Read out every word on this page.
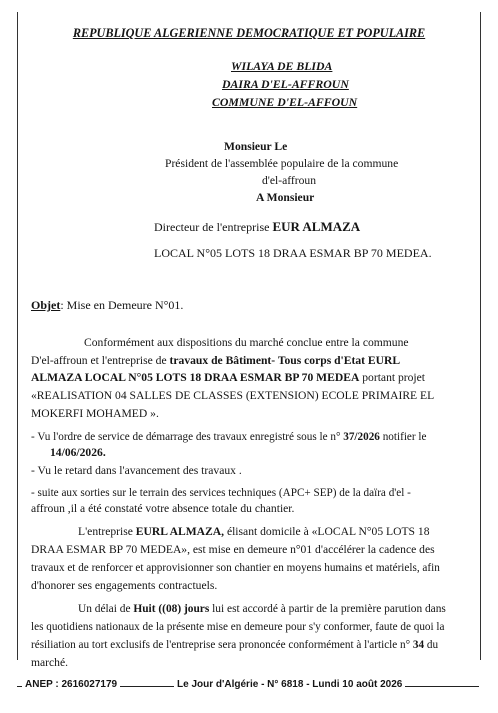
REPUBLIQUE ALGERIENNE DEMOCRATIQUE ET POPULAIRE
WILAYA DE BLIDA
DAIRA D'EL-AFFROUN
COMMUNE D'EL-AFFOUN
Monsieur Le
Président de l'assemblée populaire de la commune
d'el-affroun
A Monsieur
Directeur de l'entreprise EUR ALMAZA
LOCAL N°05 LOTS 18 DRAA ESMAR BP 70 MEDEA.
Objet: Mise en Demeure N°01.
Conformément aux dispositions du marché conclue entre la commune
D'el-affroun et l'entreprise de travaux de Bâtiment- Tous corps d'Etat EURL
ALMAZA LOCAL N°05 LOTS 18 DRAA ESMAR BP 70 MEDEA portant projet
«REALISATION 04 SALLES DE CLASSES (EXTENSION) ECOLE PRIMAIRE EL
MOKERFI MOHAMED ».
- Vu l'ordre de service de démarrage des travaux enregistré sous le n° 37/2026 notifier le
14/06/2026.
- Vu le retard dans l'avancement des travaux .
- suite aux sorties sur le terrain des services techniques (APC+ SEP) de la daïra d'el -
affroun ,il a été constaté votre absence totale du chantier.
L'entreprise EURL ALMAZA, élisant domicile à «LOCAL N°05 LOTS 18
DRAA ESMAR BP 70 MEDEA», est mise en demeure n°01 d'accélérer la cadence des
travaux et de renforcer et approvisionner son chantier en moyens humains et matériels, afin
d'honorer ses engagements contractuels.
Un délai de Huit ((08) jours lui est accordé à partir de la première parution dans
les quotidiens nationaux de la présente mise en demeure pour s'y conformer, faute de quoi la
résiliation au tort exclusifs de l'entreprise sera prononcée conformément à l'article n° 34 du
marché.
ANEP : 2616027179	Le Jour d'Algérie - N° 6818 - Lundi 10 août 2026
